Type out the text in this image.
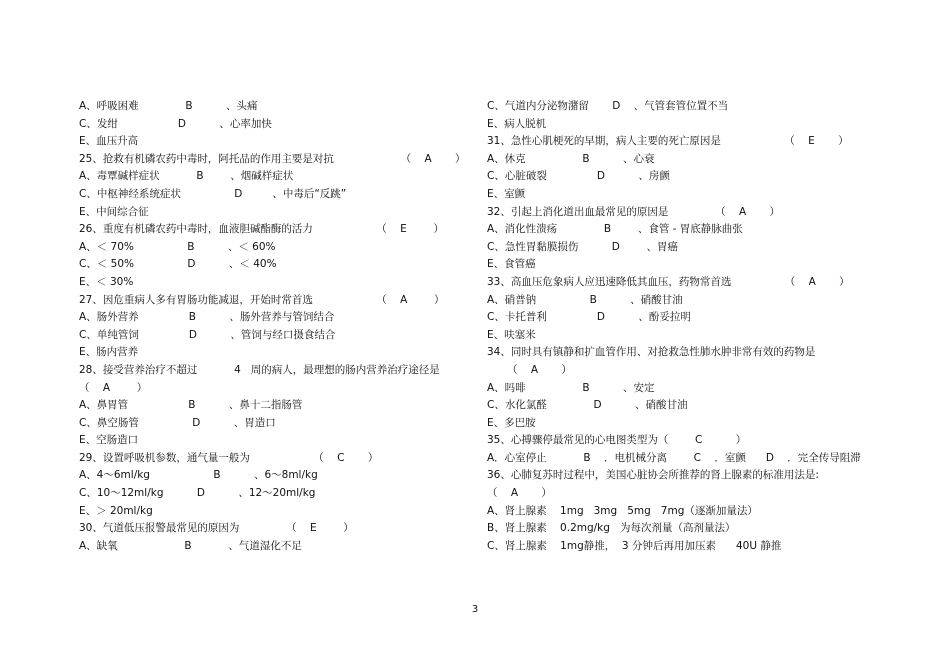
A、呼吸困难              B          、头痛
C、发绀                  D          、心率加快
E、血压升高
25、抢救有机磷农药中毒时，阿托品的作用主要是对抗                    （    A       ）
A、毒覃碱样症状           B        、烟碱样症状
C、中枢神经系统症状                D         、中毒后“反跳”
E、中间综合征
26、重度有机磷农药中毒时，血液胆碱酯酶的活力                   （    E        ）
A、＜ 70%                B          、＜ 60%
C、＜ 50%                D          、＜ 40%
E、＜ 30%
27、因危重病人多有胃肠功能减退，开始时常首选                   （    A        ）
A、肠外营养               B          、肠外营养与管饲结合
C、单纯管饲               D          、管饲与经口摄食结合
E、肠内营养
28、接受营养治疗不超过           4   周的病人，最理想的肠内营养治疗途径是
（    A        ）
A、鼻胃管                  B          、鼻十二指肠管
C、鼻空肠管                D          、胃造口
E、空肠造口
29、设置呼吸机参数，通气量一般为                   （    C       ）
A、4～6ml/kg                   B          、6～8ml/kg
C、10～12ml/kg          D          、12～20ml/kg
E、＞ 20ml/kg
30、气道低压报警最常见的原因为              （    E        ）
A、缺氧                    B           、气道湿化不足
C、气道内分泌物潴留       D    、气管套管位置不当
E、病人脱机
31、急性心肌梗死的早期，病人主要的死亡原因是                   （    E       ）
A、休克                 B          、心衰
C、心脏破裂               D          、房颤
E、室颤
32、引起上消化道出血最常见的原因是              （    A       ）
A、消化性溃疡              B        、食管 - 胃底静脉曲张
C、急性胃黏膜损伤          D        、胃癌
E、食管癌
33、高血压危象病人应迅速降低其血压，药物常首选                （    A       ）
A、硝普钠                B          、硝酸甘油
C、卡托普利               D          、酚妥拉明
E、呋塞米
34、同时具有镇静和扩血管作用、对抢救急性肺水肿非常有效的药物是
（    A       ）
A、吗啡                 B          、安定
C、水化氯醛              D          、硝酸甘油
E、多巴胺
35、心搏骤停最常见的心电图类型为（        C          ）
A．心室停止           B    ．电机械分离        C    ．室颤      D    ．完全传导阻滞
36、心肺复苏时过程中，美国心脏协会所推荐的肾上腺素的标准用法是:
（    A       ）
A、肾上腺素    1mg   3mg   5mg   7mg（逐渐加量法）
B、肾上腺素    0.2mg/kg   为每次剂量（高剂量法）
C、肾上腺素    1mg静推，  3 分钟后再用加压素      40U 静推
3
